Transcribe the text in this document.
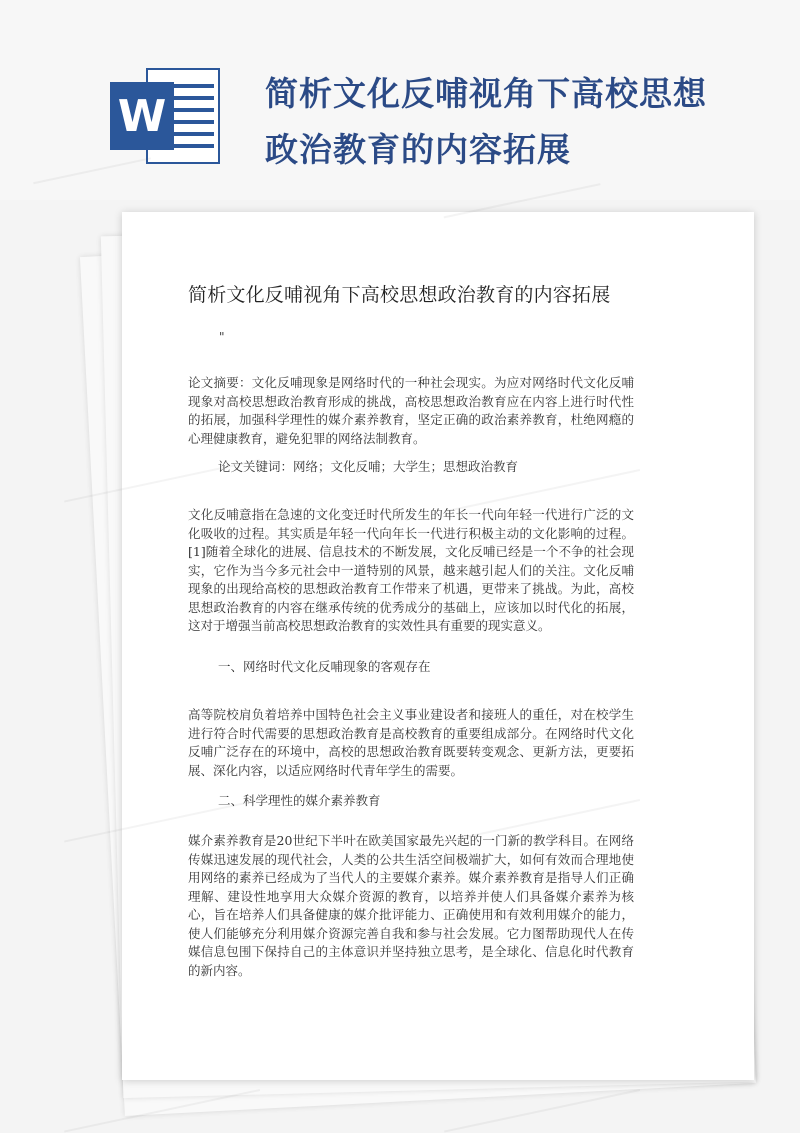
W	简析文化反哺视角下高校思想
政治教育的内容拓展
简析文化反哺视角下高校思想政治教育的内容拓展
"
论文摘要：文化反哺现象是网络时代的一种社会现实。为应对网络时代文化反哺现象对高校思想政治教育形成的挑战，高校思想政治教育应在内容上进行时代性的拓展，加强科学理性的媒介素养教育，坚定正确的政治素养教育，杜绝网瘾的心理健康教育，避免犯罪的网络法制教育。
论文关键词：网络；文化反哺；大学生；思想政治教育
文化反哺意指在急速的文化变迁时代所发生的年长一代向年轻一代进行广泛的文化吸收的过程。其实质是年轻一代向年长一代进行积极主动的文化影响的过程。[1]随着全球化的进展、信息技术的不断发展，文化反哺已经是一个不争的社会现实，它作为当今多元社会中一道特别的风景，越来越引起人们的关注。文化反哺现象的出现给高校的思想政治教育工作带来了机遇，更带来了挑战。为此，高校思想政治教育的内容在继承传统的优秀成分的基础上，应该加以时代化的拓展，这对于增强当前高校思想政治教育的实效性具有重要的现实意义。
一、网络时代文化反哺现象的客观存在
高等院校肩负着培养中国特色社会主义事业建设者和接班人的重任，对在校学生进行符合时代需要的思想政治教育是高校教育的重要组成部分。在网络时代文化反哺广泛存在的环境中，高校的思想政治教育既要转变观念、更新方法，更要拓展、深化内容，以适应网络时代青年学生的需要。
二、科学理性的媒介素养教育
媒介素养教育是20世纪下半叶在欧美国家最先兴起的一门新的教学科目。在网络传媒迅速发展的现代社会，人类的公共生活空间极端扩大，如何有效而合理地使用网络的素养已经成为了当代人的主要媒介素养。媒介素养教育是指导人们正确理解、建设性地享用大众媒介资源的教育，以培养并使人们具备媒介素养为核心，旨在培养人们具备健康的媒介批评能力、正确使用和有效利用媒介的能力，使人们能够充分利用媒介资源完善自我和参与社会发展。它力图帮助现代人在传媒信息包围下保持自己的主体意识并坚持独立思考，是全球化、信息化时代教育的新内容。
